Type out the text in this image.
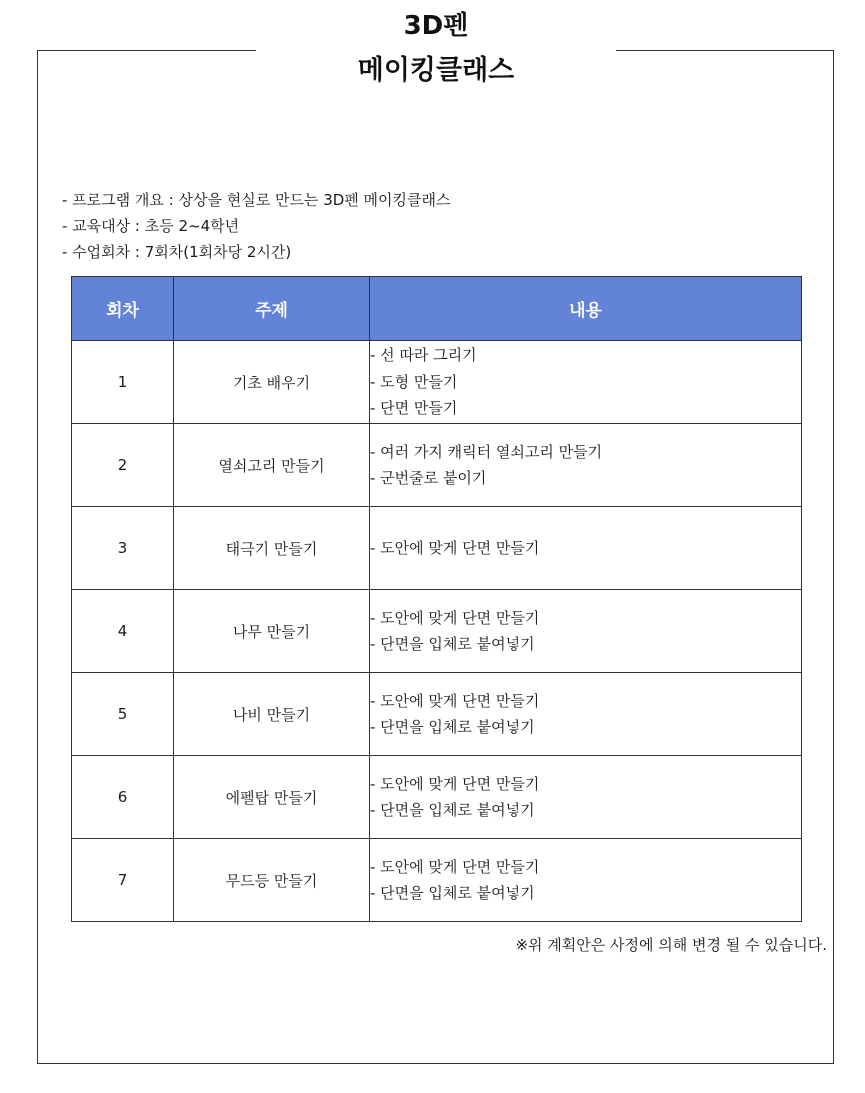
3D펜
메이킹클래스
- 프로그램 개요 : 상상을 현실로 만드는 3D펜 메이킹클래스
- 교육대상 : 초등 2~4학년
- 수업회차 : 7회차(1회차당 2시간)
회차	주제	내용
1	기초 배우기	- 선 따라 그리기
- 도형 만들기
- 단면 만들기

2	열쇠고리 만들기	- 여러 가지 캐릭터 열쇠고리 만들기
- 군번줄로 붙이기

3	태극기 만들기	- 도안에 맞게 단면 만들기

4	나무 만들기	- 도안에 맞게 단면 만들기
- 단면을 입체로 붙여넣기

5	나비 만들기	- 도안에 맞게 단면 만들기
- 단면을 입체로 붙여넣기

6	에펠탑 만들기	- 도안에 맞게 단면 만들기
- 단면을 입체로 붙여넣기

7	무드등 만들기	- 도안에 맞게 단면 만들기
- 단면을 입체로 붙여넣기
※위 계획안은 사정에 의해 변경 될 수 있습니다.
